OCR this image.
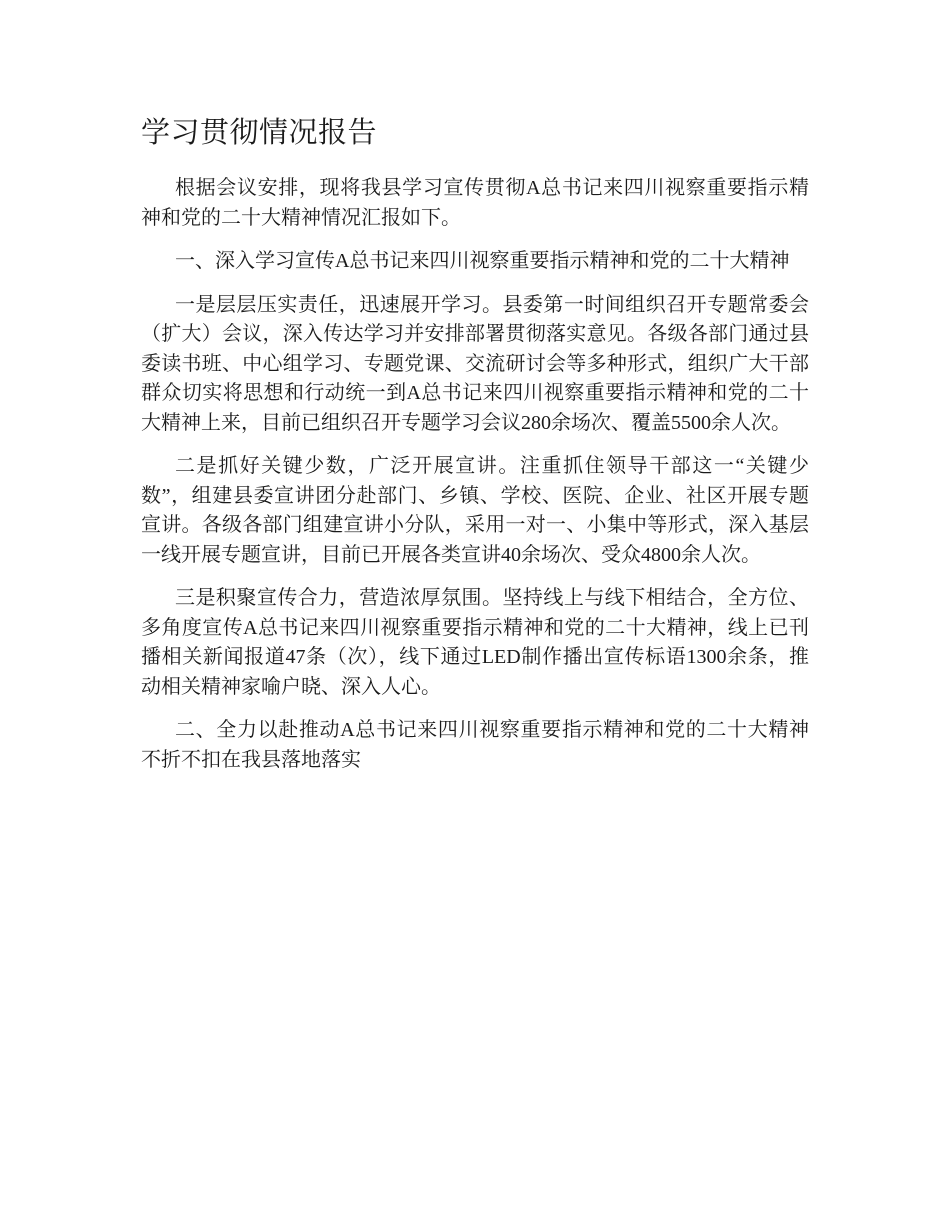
学习贯彻情况报告

根据会议安排，现将我县学习宣传贯彻A总书记来四川视察重要指示精神和党的二十大精神情况汇报如下。

一、深入学习宣传A总书记来四川视察重要指示精神和党的二十大精神

一是层层压实责任，迅速展开学习。县委第一时间组织召开专题常委会（扩大）会议，深入传达学习并安排部署贯彻落实意见。各级各部门通过县委读书班、中心组学习、专题党课、交流研讨会等多种形式，组织广大干部群众切实将思想和行动统一到A总书记来四川视察重要指示精神和党的二十大精神上来，目前已组织召开专题学习会议280余场次、覆盖5500余人次。

二是抓好关键少数，广泛开展宣讲。注重抓住领导干部这一“关键少数”，组建县委宣讲团分赴部门、乡镇、学校、医院、企业、社区开展专题宣讲。各级各部门组建宣讲小分队，采用一对一、小集中等形式，深入基层一线开展专题宣讲，目前已开展各类宣讲40余场次、受众4800余人次。

三是积聚宣传合力，营造浓厚氛围。坚持线上与线下相结合，全方位、多角度宣传A总书记来四川视察重要指示精神和党的二十大精神，线上已刊播相关新闻报道47条（次），线下通过LED制作播出宣传标语1300余条，推动相关精神家喻户晓、深入人心。

二、全力以赴推动A总书记来四川视察重要指示精神和党的二十大精神不折不扣在我县落地落实
